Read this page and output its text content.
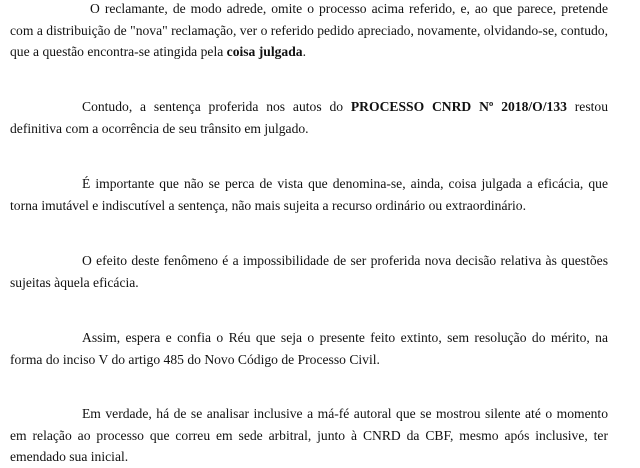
O reclamante, de modo adrede, omite o processo acima referido, e, ao que parece, pretende com a distribuição de "nova" reclamação, ver o referido pedido apreciado, novamente, olvidando-se, contudo, que a questão encontra-se atingida pela coisa julgada.

Contudo, a sentença proferida nos autos do PROCESSO CNRD Nº 2018/O/133 restou definitiva com a ocorrência de seu trânsito em julgado.

É importante que não se perca de vista que denomina-se, ainda, coisa julgada a eficácia, que torna imutável e indiscutível a sentença, não mais sujeita a recurso ordinário ou extraordinário.

O efeito deste fenômeno é a impossibilidade de ser proferida nova decisão relativa às questões sujeitas àquela eficácia.

Assim, espera e confia o Réu que seja o presente feito extinto, sem resolução do mérito, na forma do inciso V do artigo 485 do Novo Código de Processo Civil.

Em verdade, há de se analisar inclusive a má-fé autoral que se mostrou silente até o momento em relação ao processo que correu em sede arbitral, junto à CNRD da CBF, mesmo após inclusive, ter emendado sua inicial.
